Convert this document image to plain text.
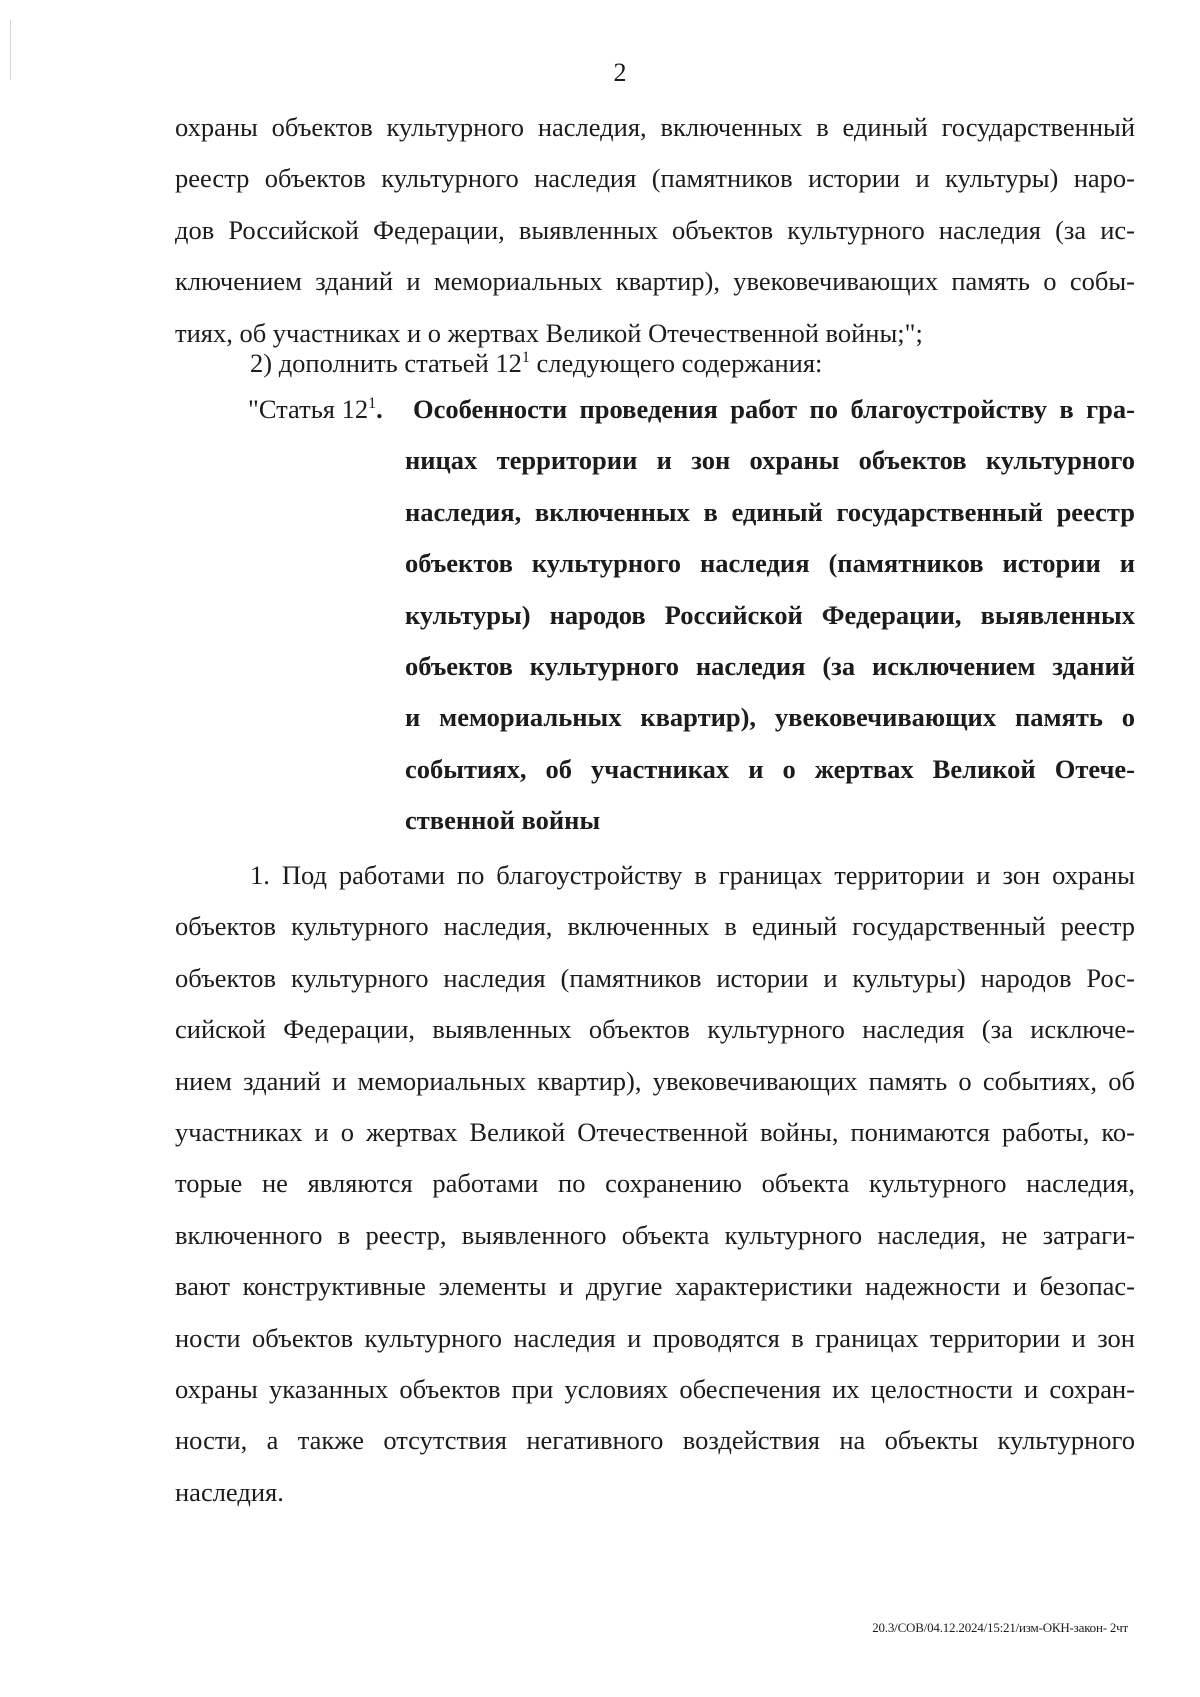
2
охраны объектов культурного наследия, включенных в единый государственный
реестр объектов культурного наследия (памятников истории и культуры) наро-
дов Российской Федерации, выявленных объектов культурного наследия (за ис-
ключением зданий и мемориальных квартир), увековечивающих память о собы-
тиях, об участниках и о жертвах Великой Отечественной войны;";
2) дополнить статьей $12^1$ следующего содержания:
"Статья $12^1$. Особенности проведения работ по благоустройству в гра-
ницах территории и зон охраны объектов культурного
наследия, включенных в единый государственный реестр
объектов культурного наследия (памятников истории и
культуры) народов Российской Федерации, выявленных
объектов культурного наследия (за исключением зданий
и мемориальных квартир), увековечивающих память о
событиях, об участниках и о жертвах Великой Отече-
ственной войны
1. Под работами по благоустройству в границах территории и зон охраны
объектов культурного наследия, включенных в единый государственный реестр
объектов культурного наследия (памятников истории и культуры) народов Рос-
сийской Федерации, выявленных объектов культурного наследия (за исключе-
нием зданий и мемориальных квартир), увековечивающих память о событиях, об
участниках и о жертвах Великой Отечественной войны, понимаются работы, ко-
торые не являются работами по сохранению объекта культурного наследия,
включенного в реестр, выявленного объекта культурного наследия, не затраги-
вают конструктивные элементы и другие характеристики надежности и безопас-
ности объектов культурного наследия и проводятся в границах территории и зон
охраны указанных объектов при условиях обеспечения их целостности и сохран-
ности, а также отсутствия негативного воздействия на объекты культурного
наследия.
20.3/СОВ/04.12.2024/15:21/изм-ОКН-закон- 2чт
